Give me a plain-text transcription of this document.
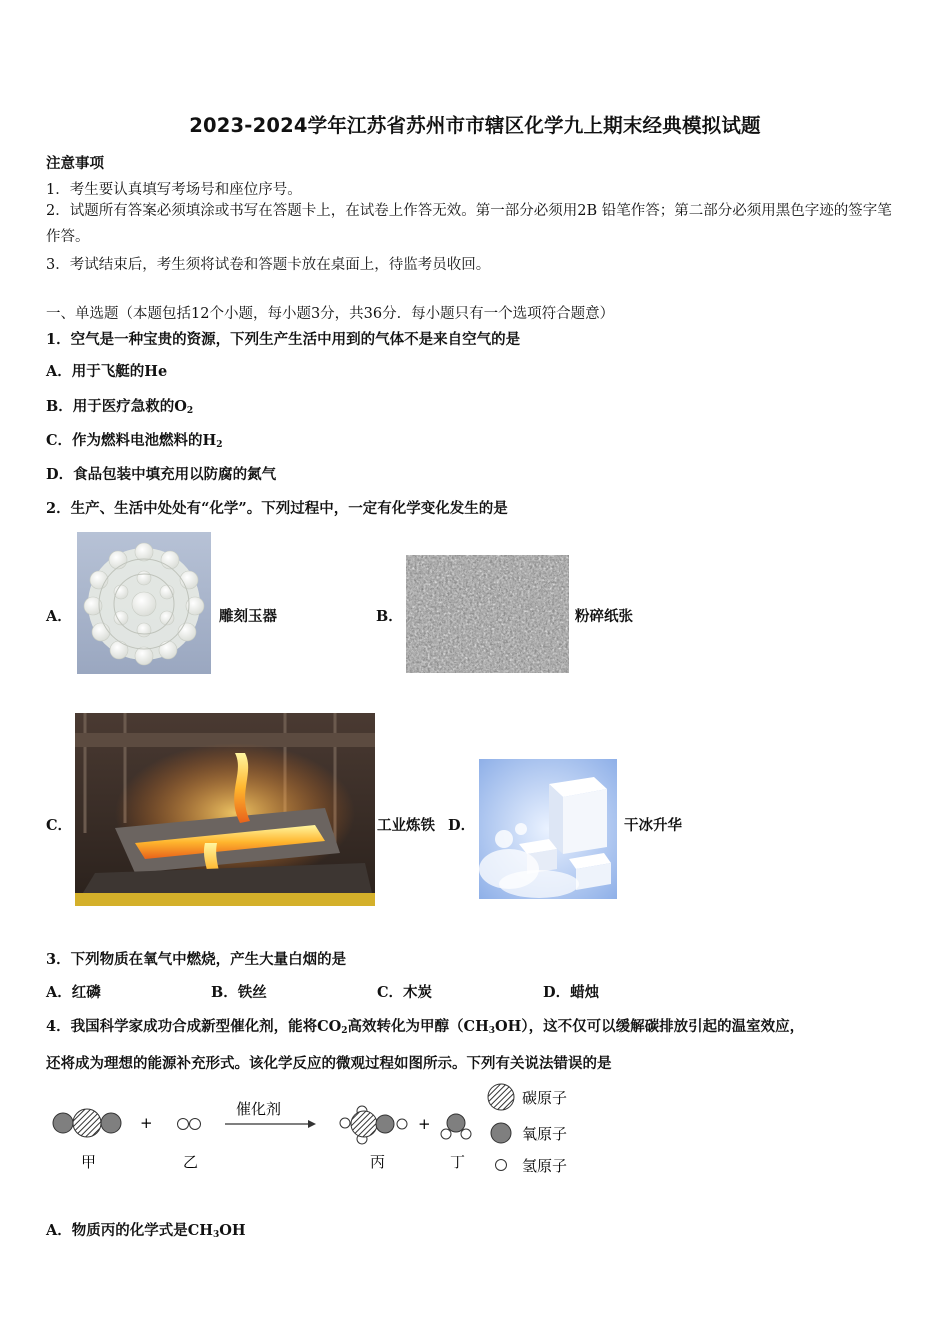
2023-2024学年江苏省苏州市市辖区化学九上期末经典模拟试题
注意事项
1．考生要认真填写考场号和座位序号。
2．试题所有答案必须填涂或书写在答题卡上，在试卷上作答无效。第一部分必须用2B 铅笔作答；第二部分必须用黑色字迹的签字笔作答。
3．考试结束后，考生须将试卷和答题卡放在桌面上，待监考员收回。
一、单选题（本题包括12个小题，每小题3分，共36分．每小题只有一个选项符合题意）
1．空气是一种宝贵的资源，下列生产生活中用到的气体不是来自空气的是
A．用于飞艇的He
B．用于医疗急救的$O_2$
C．作为燃料电池燃料的$H_2$
D．食品包装中填充用以防腐的氮气
2．生产、生活中处处有“化学”。下列过程中，一定有化学变化发生的是
A．	雕刻玉器	B．	粉碎纸张
C．	工业炼铁 D．	干冰升华
3．下列物质在氧气中燃烧，产生大量白烟的是
A．红磷	B．铁丝	C．木炭	D．蜡烛
4．我国科学家成功合成新型催化剂，能将$CO_2$高效转化为甲醇$(CH_3OH)$，这不仅可以缓解碳排放引起的温室效应，
还将成为理想的能源补充形式。该化学反应的微观过程如图所示。下列有关说法错误的是
+
催化剂
+
甲	乙	丙	丁
碳原子
氧原子
氢原子
A．物质丙的化学式是$CH_3OH$
